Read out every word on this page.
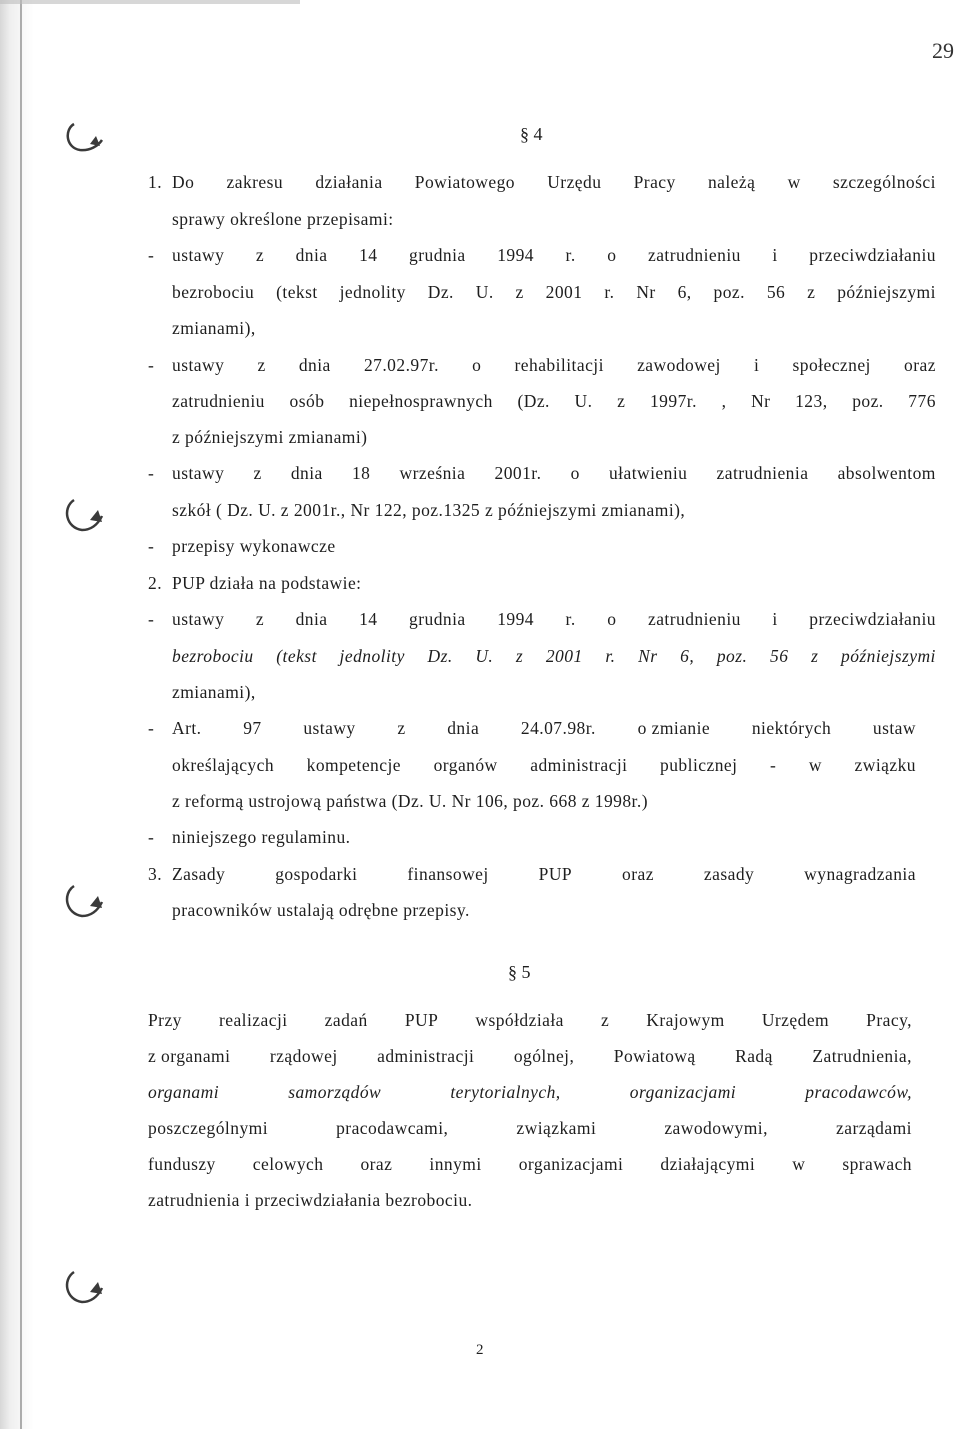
29
§ 4
1. Do zakresu działania Powiatowego Urzędu Pracy należą w szczególności
sprawy określone przepisami:
- ustawy z dnia 14 grudnia 1994 r. o zatrudnieniu i przeciwdziałaniu
bezrobociu (tekst jednolity Dz. U. z 2001 r. Nr 6, poz. 56 z późniejszymi
zmianami),
- ustawy z dnia 27.02.97r. o rehabilitacji zawodowej i społecznej oraz
zatrudnieniu osób niepełnosprawnych (Dz. U. z 1997r. , Nr 123, poz. 776
z późniejszymi zmianami)
- ustawy z dnia 18 września 2001r. o ułatwieniu zatrudnienia absolwentom
szkół ( Dz. U. z 2001r., Nr 122, poz.1325 z późniejszymi zmianami),
- przepisy wykonawcze
2. PUP działa na podstawie:
- ustawy z dnia 14 grudnia 1994 r. o zatrudnieniu i przeciwdziałaniu
bezrobociu (tekst jednolity Dz. U. z 2001 r. Nr 6, poz. 56 z późniejszymi
zmianami),
- Art. 97 ustawy z dnia 24.07.98r. o zmianie niektórych ustaw
określających kompetencje organów administracji publicznej - w związku
z reformą ustrojową państwa (Dz. U. Nr 106, poz. 668 z 1998r.)
- niniejszego regulaminu.
3. Zasady	gospodarki	finansowej	PUP	oraz	zasady	wynagradzania
pracowników ustalają odrębne przepisy.
§ 5
Przy realizacji zadań PUP współdziała z Krajowym Urzędem Pracy,
z organami rządowej administracji ogólnej, Powiatową Radą Zatrudnienia,
organami	samorządów	terytorialnych,	organizacjami	pracodawców,
poszczególnymi	pracodawcami,	związkami	zawodowymi,	zarządami
funduszy celowych oraz innymi organizacjami działającymi w sprawach
zatrudnienia i przeciwdziałania bezrobociu.
2
